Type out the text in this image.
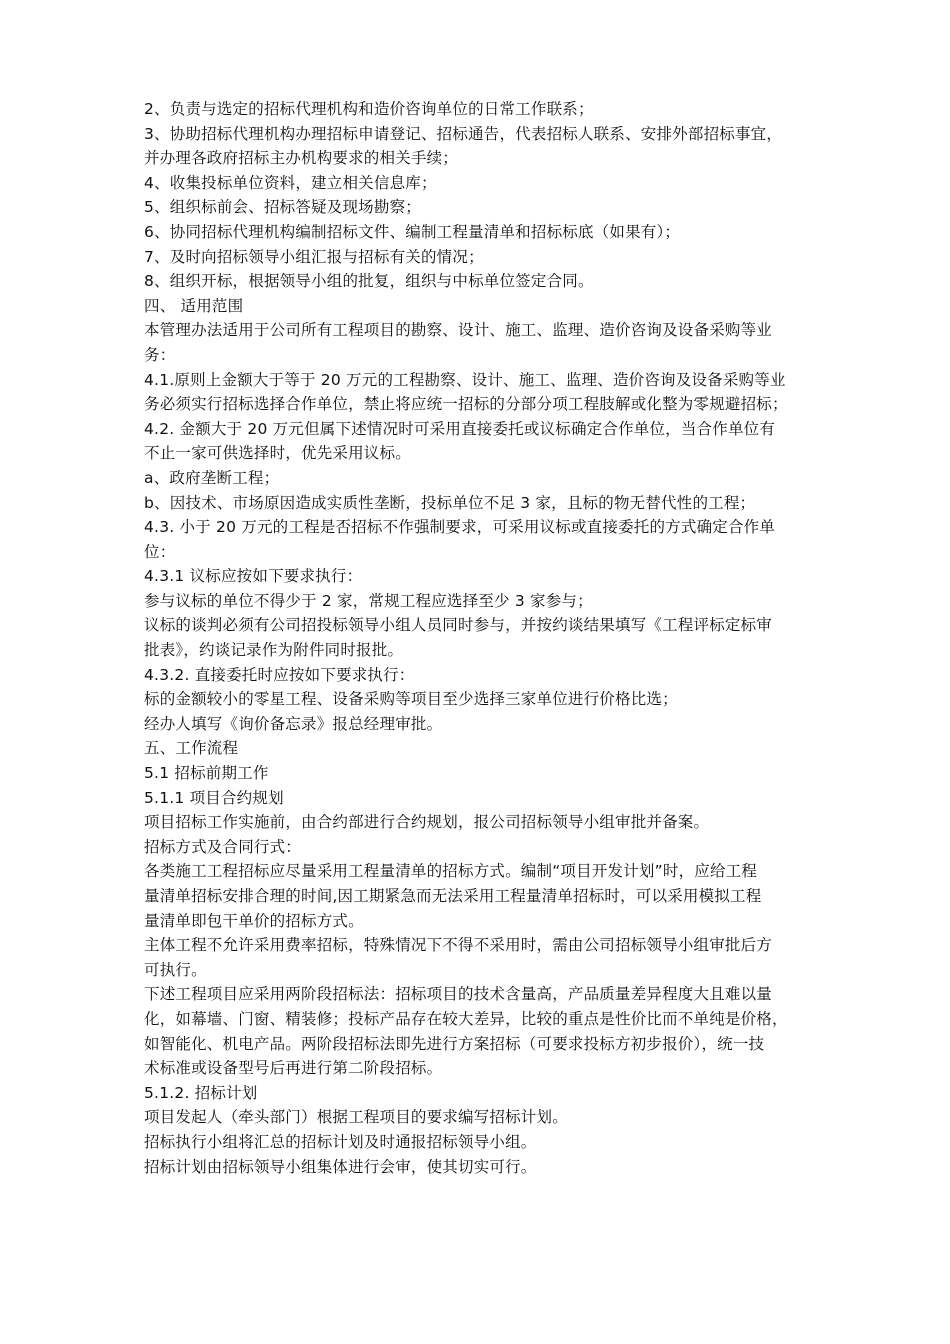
2、负责与选定的招标代理机构和造价咨询单位的日常工作联系；
3、协助招标代理机构办理招标申请登记、招标通告，代表招标人联系、安排外部招标事宜，
并办理各政府招标主办机构要求的相关手续；
4、收集投标单位资料，建立相关信息库；
5、组织标前会、招标答疑及现场勘察；
6、协同招标代理机构编制招标文件、编制工程量清单和招标标底（如果有）；
7、及时向招标领导小组汇报与招标有关的情况；
8、组织开标，根据领导小组的批复，组织与中标单位签定合同。
四、 适用范围
本管理办法适用于公司所有工程项目的勘察、设计、施工、监理、造价咨询及设备采购等业
务：
4.1.原则上金额大于等于 20 万元的工程勘察、设计、施工、监理、造价咨询及设备采购等业
务必须实行招标选择合作单位，禁止将应统一招标的分部分项工程肢解或化整为零规避招标；
4.2. 金额大于 20 万元但属下述情况时可采用直接委托或议标确定合作单位，当合作单位有
不止一家可供选择时，优先采用议标。
a、政府垄断工程；
b、因技术、市场原因造成实质性垄断，投标单位不足 3 家，且标的物无替代性的工程；
4.3. 小于 20 万元的工程是否招标不作强制要求，可采用议标或直接委托的方式确定合作单
位：
4.3.1 议标应按如下要求执行：
参与议标的单位不得少于 2 家，常规工程应选择至少 3 家参与；
议标的谈判必须有公司招投标领导小组人员同时参与，并按约谈结果填写《工程评标定标审
批表》，约谈记录作为附件同时报批。
4.3.2. 直接委托时应按如下要求执行：
标的金额较小的零星工程、设备采购等项目至少选择三家单位进行价格比选；
经办人填写《询价备忘录》报总经理审批。
五、工作流程
5.1 招标前期工作
5.1.1 项目合约规划
项目招标工作实施前，由合约部进行合约规划，报公司招标领导小组审批并备案。
招标方式及合同行式：
各类施工工程招标应尽量采用工程量清单的招标方式。编制“项目开发计划”时，应给工程
量清单招标安排合理的时间,因工期紧急而无法采用工程量清单招标时，可以采用模拟工程
量清单即包干单价的招标方式。
主体工程不允许采用费率招标，特殊情况下不得不采用时，需由公司招标领导小组审批后方
可执行。
下述工程项目应采用两阶段招标法：招标项目的技术含量高，产品质量差异程度大且难以量
化，如幕墙、门窗、精装修；投标产品存在较大差异，比较的重点是性价比而不单纯是价格，
如智能化、机电产品。两阶段招标法即先进行方案招标（可要求投标方初步报价），统一技
术标准或设备型号后再进行第二阶段招标。
5.1.2. 招标计划
项目发起人（牵头部门）根据工程项目的要求编写招标计划。
招标执行小组将汇总的招标计划及时通报招标领导小组。
招标计划由招标领导小组集体进行会审，使其切实可行。
